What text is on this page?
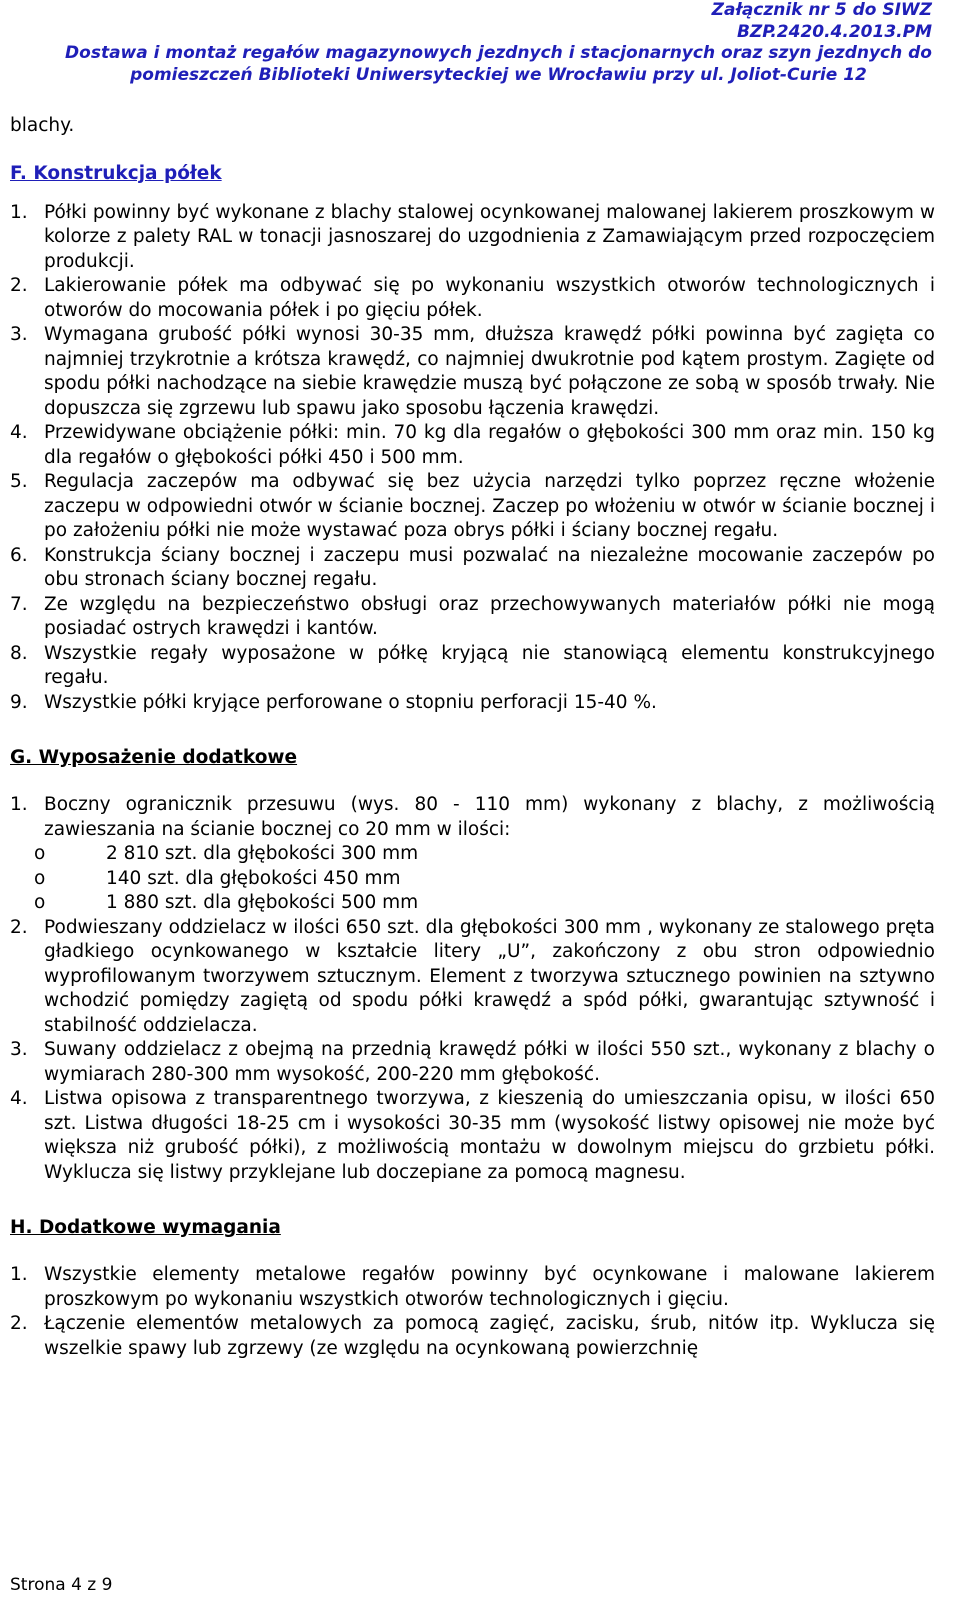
Załącznik nr 5 do SIWZ
BZP.2420.4.2013.PM
Dostawa i montaż regałów magazynowych jezdnych i stacjonarnych oraz szyn jezdnych do
pomieszczeń Biblioteki Uniwersyteckiej we Wrocławiu przy ul. Joliot-Curie 12

blachy.

F. Konstrukcja półek

1. Półki powinny być wykonane z blachy stalowej ocynkowanej malowanej lakierem proszkowym w kolorze z palety RAL w tonacji jasnoszarej do uzgodnienia z Zamawiającym przed rozpoczęciem produkcji.
2. Lakierowanie półek ma odbywać się po wykonaniu wszystkich otworów technologicznych i otworów do mocowania półek i po gięciu półek.
3. Wymagana grubość półki wynosi 30-35 mm, dłuższa krawędź półki powinna być zagięta co najmniej trzykrotnie a krótsza krawędź, co najmniej dwukrotnie pod kątem prostym. Zagięte od spodu półki nachodzące na siebie krawędzie muszą być połączone ze sobą w sposób trwały. Nie dopuszcza się zgrzewu lub spawu jako sposobu łączenia krawędzi.
4. Przewidywane obciążenie półki: min. 70 kg dla regałów o głębokości 300 mm oraz min. 150 kg dla regałów o głębokości półki 450 i 500 mm.
5. Regulacja zaczepów ma odbywać się bez użycia narzędzi tylko poprzez ręczne włożenie zaczepu w odpowiedni otwór w ścianie bocznej. Zaczep po włożeniu w otwór w ścianie bocznej i po założeniu półki nie może wystawać poza obrys półki i ściany bocznej regału.
6. Konstrukcja ściany bocznej i zaczepu musi pozwalać na niezależne mocowanie zaczepów po obu stronach ściany bocznej regału.
7. Ze względu na bezpieczeństwo obsługi oraz przechowywanych materiałów półki nie mogą posiadać ostrych krawędzi i kantów.
8. Wszystkie regały wyposażone w półkę kryjącą nie stanowiącą elementu konstrukcyjnego regału.
9. Wszystkie półki kryjące perforowane o stopniu perforacji 15-40 %.

G. Wyposażenie dodatkowe

1. Boczny ogranicznik przesuwu (wys. 80 - 110 mm) wykonany z blachy, z możliwością zawieszania na ścianie bocznej co 20 mm w ilości:
o	2 810 szt. dla głębokości 300 mm
o	140 szt. dla głębokości 450 mm
o	1 880 szt. dla głębokości 500 mm
2. Podwieszany oddzielacz w ilości 650 szt. dla głębokości 300 mm , wykonany ze stalowego pręta gładkiego ocynkowanego w kształcie litery „U”, zakończony z obu stron odpowiednio wyprofilowanym tworzywem sztucznym. Element z tworzywa sztucznego powinien na sztywno wchodzić pomiędzy zagiętą od spodu półki krawędź a spód półki, gwarantując sztywność i stabilność oddzielacza.
3. Suwany oddzielacz z obejmą na przednią krawędź półki w ilości 550 szt., wykonany z blachy o wymiarach 280-300 mm wysokość, 200-220 mm głębokość.
4. Listwa opisowa z transparentnego tworzywa, z kieszenią do umieszczania opisu, w ilości 650 szt. Listwa długości 18-25 cm i wysokości 30-35 mm (wysokość listwy opisowej nie może być większa niż grubość półki), z możliwością montażu w dowolnym miejscu do grzbietu półki. Wyklucza się listwy przyklejane lub doczepiane za pomocą magnesu.

H. Dodatkowe wymagania

1. Wszystkie elementy metalowe regałów powinny być ocynkowane i malowane lakierem proszkowym po wykonaniu wszystkich otworów technologicznych i gięciu.
2. Łączenie elementów metalowych za pomocą zagięć, zacisku, śrub, nitów itp. Wyklucza się wszelkie spawy lub zgrzewy (ze względu na ocynkowaną powierzchnię
Strona 4 z 9
